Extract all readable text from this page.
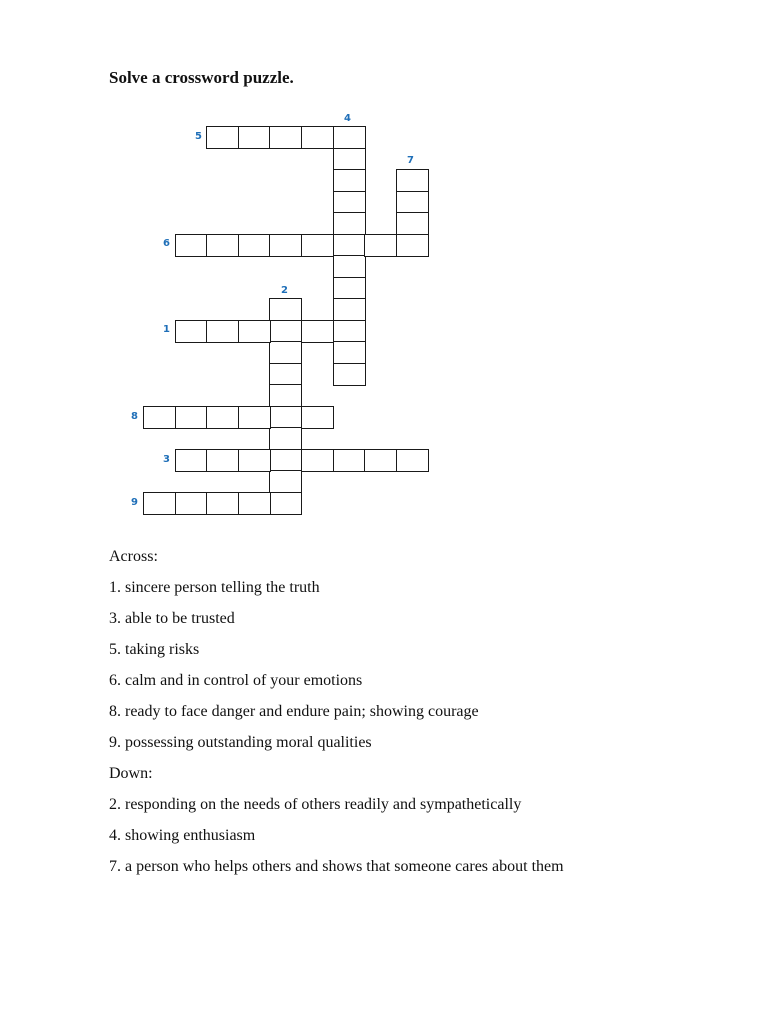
Solve a crossword puzzle.
5
4
7
6
2
1
8
3
9
Across:
1. sincere person telling the truth
3. able to be trusted
5. taking risks
6. calm and in control of your emotions
8. ready to face danger and endure pain; showing courage
9. possessing outstanding moral qualities
Down:
2. responding on the needs of others readily and sympathetically
4. showing enthusiasm
7. a person who helps others and shows that someone cares about them
